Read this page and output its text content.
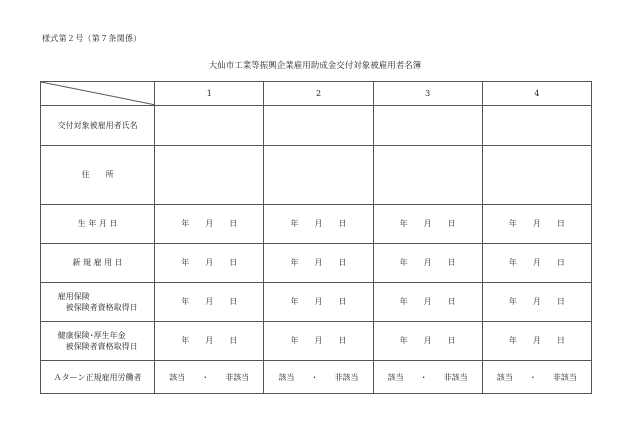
様式第２号（第７条関係）
大仙市工業等振興企業雇用助成金交付対象被雇用者名簿
	1	2	3	4
交付対象被雇用者氏名				
住　　所				
生 年 月 日	年 月 日	年 月 日	年 月 日	年 月 日
新 規 雇 用 日	年 月 日	年 月 日	年 月 日	年 月 日
雇用保険
被保険者資格取得日	年 月 日	年 月 日	年 月 日	年 月 日
健康保険･厚生年金
被保険者資格取得日	年 月 日	年 月 日	年 月 日	年 月 日
Ａターン正規雇用労働者	該当 ・ 非該当	該当 ・ 非該当	該当 ・ 非該当	該当 ・ 非該当
